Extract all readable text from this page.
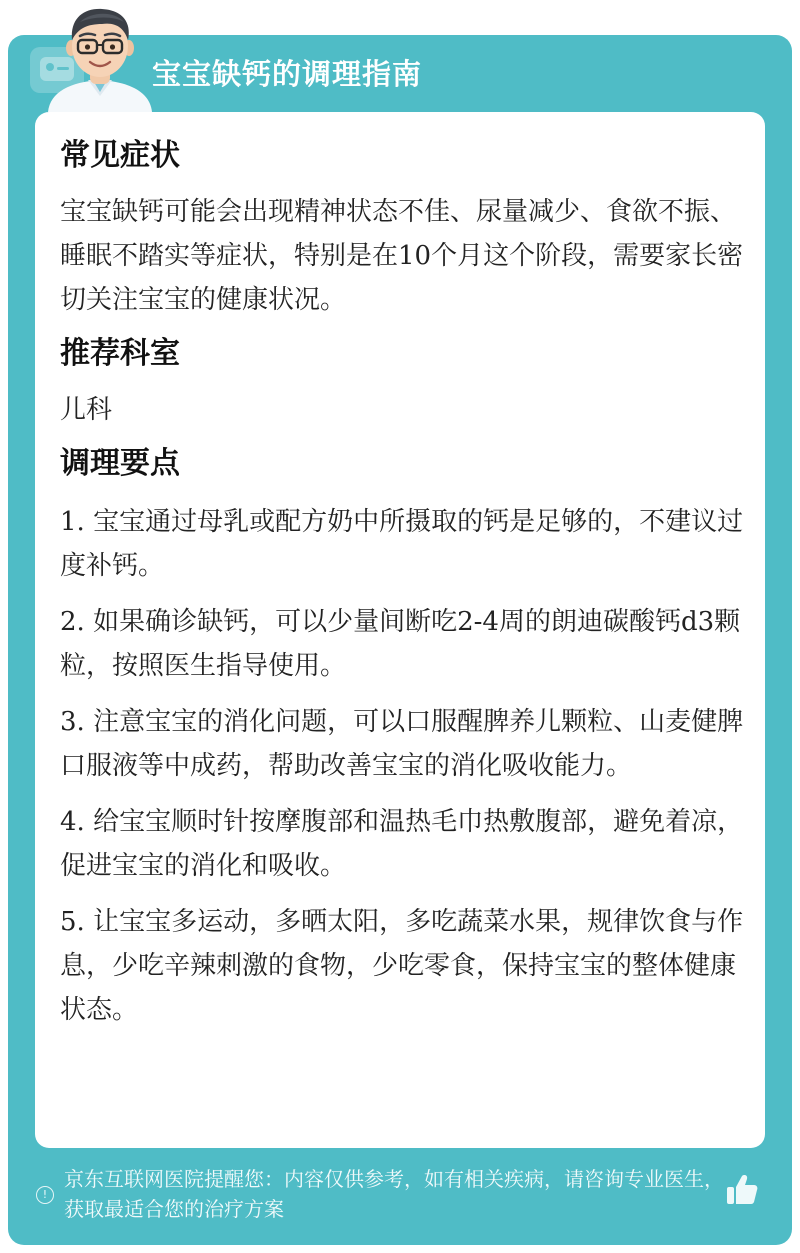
宝宝缺钙的调理指南
常见症状

宝宝缺钙可能会出现精神状态不佳、尿量减少、食欲不振、睡眠不踏实等症状，特别是在10个月这个阶段，需要家长密切关注宝宝的健康状况。

推荐科室

儿科

调理要点

1. 宝宝通过母乳或配方奶中所摄取的钙是足够的，不建议过度补钙。

2. 如果确诊缺钙，可以少量间断吃2-4周的朗迪碳酸钙d3颗粒，按照医生指导使用。

3. 注意宝宝的消化问题，可以口服醒脾养儿颗粒、山麦健脾口服液等中成药，帮助改善宝宝的消化吸收能力。

4. 给宝宝顺时针按摩腹部和温热毛巾热敷腹部，避免着凉，促进宝宝的消化和吸收。

5. 让宝宝多运动，多晒太阳，多吃蔬菜水果，规律饮食与作息，少吃辛辣刺激的食物，少吃零食，保持宝宝的整体健康状态。

!
京东互联网医院提醒您：内容仅供参考，如有相关疾病，请咨询专业医生，获取最适合您的治疗方案
